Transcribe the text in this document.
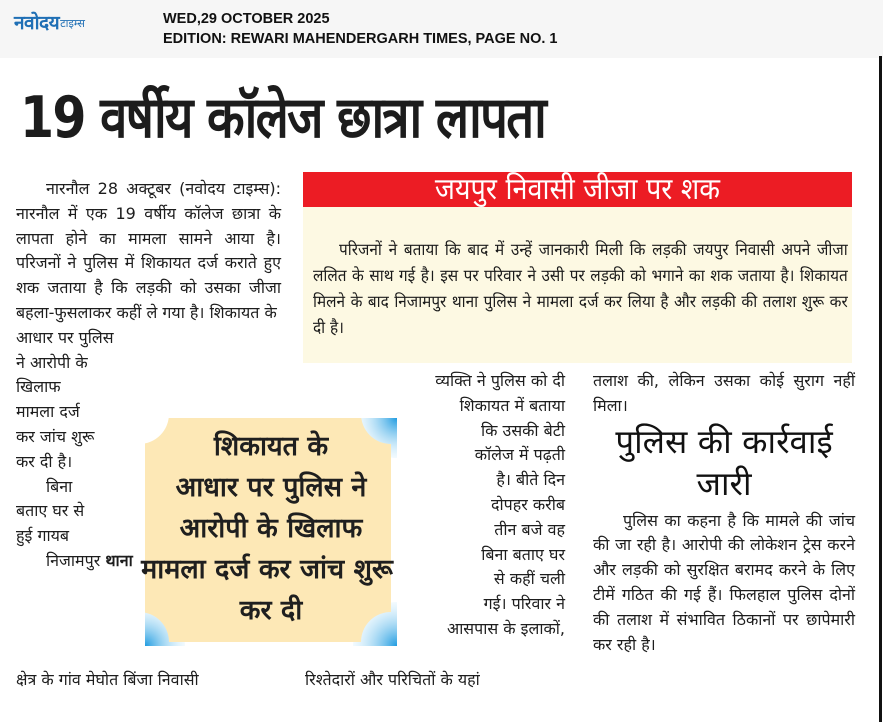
नवोदय टाइम्स	WED,29 OCTOBER 2025
EDITION: REWARI MAHENDERGARH TIMES, PAGE NO. 1
19 वर्षीय कॉलेज छात्रा लापता

नारनौल 28 अक्टूबर (नवोदय टाइम्स): नारनौल में एक 19 वर्षीय कॉलेज छात्रा के लापता होने का मामला सामने आया है। परिजनों ने पुलिस में शिकायत दर्ज कराते हुए शक जताया है कि लड़की को उसका जीजा बहला-फुसलाकर कहीं ले गया है। शिकायत के

आधार पर पुलिस
ने आरोपी के
खिलाफ
मामला दर्ज
कर जांच शुरू
कर दी है।
बिना
बताए घर से
हुई गायब
निजामपुर थाना
क्षेत्र के गांव मेघोत बिंजा निवासी
जयपुर निवासी जीजा पर शक

परिजनों ने बताया कि बाद में उन्हें जानकारी मिली कि लड़की जयपुर निवासी अपने जीजा ललित के साथ गई है। इस पर परिवार ने उसी पर लड़की को भगाने का शक जताया है। शिकायत मिलने के बाद निजामपुर थाना पुलिस ने मामला दर्ज कर लिया है और लड़की की तलाश शुरू कर दी है।

शिकायत के
आधार पर पुलिस ने
आरोपी के खिलाफ
मामला दर्ज कर जांच शुरू
कर दी
व्यक्ति ने पुलिस को दी
शिकायत में बताया
कि उसकी बेटी
कॉलेज में पढ़ती
है। बीते दिन
दोपहर करीब
तीन बजे वह
बिना बताए घर
से कहीं चली
गई। परिवार ने
आसपास के इलाकों,
रिश्तेदारों और परिचितों के यहां

तलाश की, लेकिन उसका कोई सुराग नहीं मिला।

पुलिस की कार्रवाई जारी

पुलिस का कहना है कि मामले की जांच की जा रही है। आरोपी की लोकेशन ट्रेस करने और लड़की को सुरक्षित बरामद करने के लिए टीमें गठित की गई हैं। फिलहाल पुलिस दोनों की तलाश में संभावित ठिकानों पर छापेमारी कर रही है।
